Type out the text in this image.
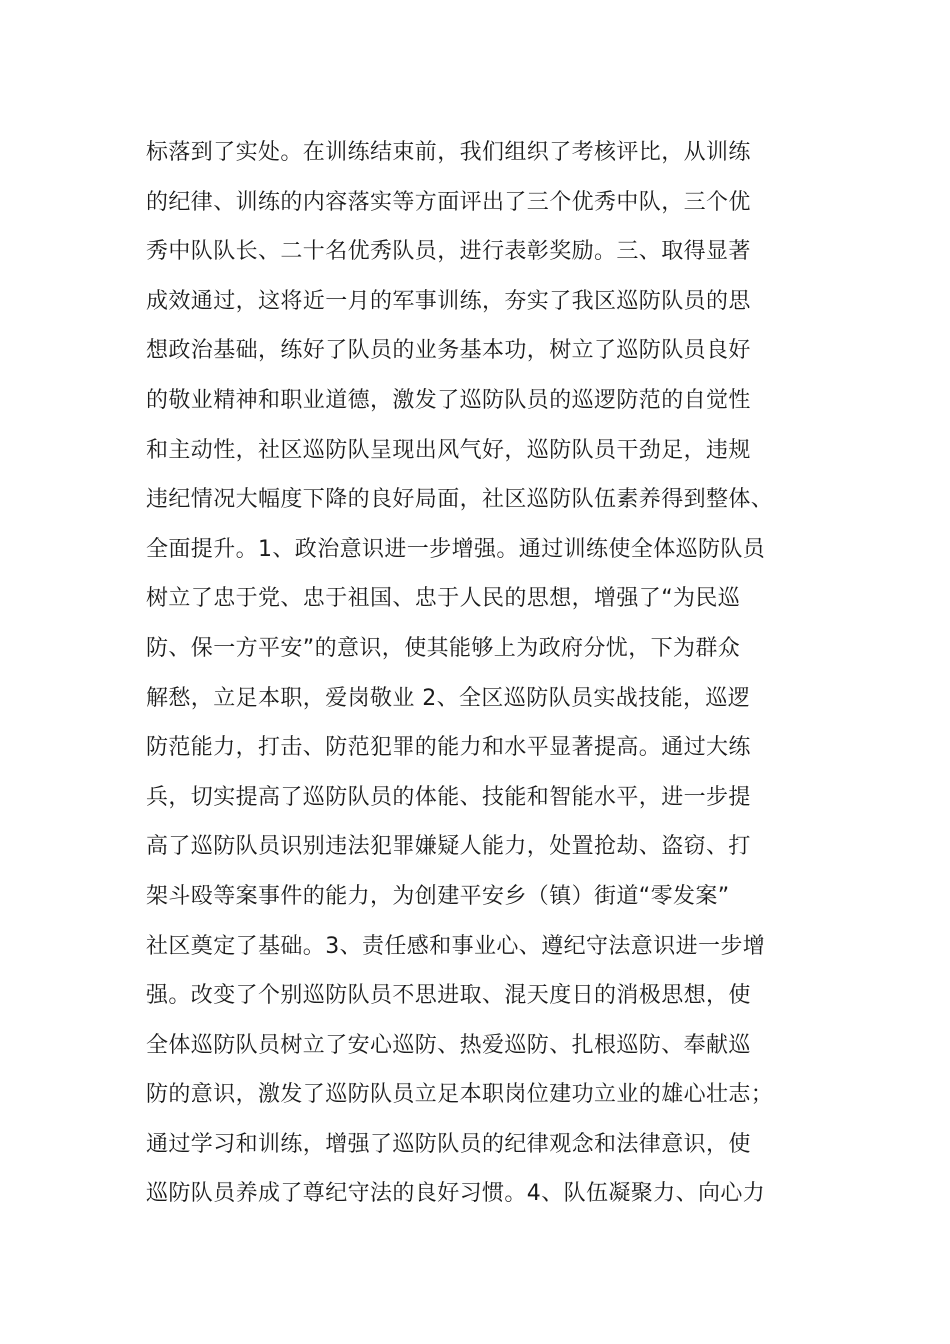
标落到了实处。在训练结束前，我们组织了考核评比，从训练
的纪律、训练的内容落实等方面评出了三个优秀中队，三个优
秀中队队长、二十名优秀队员，进行表彰奖励。三、取得显著
成效通过，这将近一月的军事训练，夯实了我区巡防队员的思
想政治基础，练好了队员的业务基本功，树立了巡防队员良好
的敬业精神和职业道德，激发了巡防队员的巡逻防范的自觉性
和主动性，社区巡防队呈现出风气好，巡防队员干劲足，违规
违纪情况大幅度下降的良好局面，社区巡防队伍素养得到整体、
全面提升。1、政治意识进一步增强。通过训练使全体巡防队员
树立了忠于党、忠于祖国、忠于人民的思想，增强了“为民巡
防、保一方平安”的意识，使其能够上为政府分忧，下为群众
解愁，立足本职，爱岗敬业 2、全区巡防队员实战技能，巡逻
防范能力，打击、防范犯罪的能力和水平显著提高。通过大练
兵，切实提高了巡防队员的体能、技能和智能水平，进一步提
高了巡防队员识别违法犯罪嫌疑人能力，处置抢劫、盗窃、打
架斗殴等案事件的能力，为创建平安乡（镇）街道“零发案”
社区奠定了基础。3、责任感和事业心、遵纪守法意识进一步增
强。改变了个别巡防队员不思进取、混天度日的消极思想，使
全体巡防队员树立了安心巡防、热爱巡防、扎根巡防、奉献巡
防的意识，激发了巡防队员立足本职岗位建功立业的雄心壮志；
通过学习和训练，增强了巡防队员的纪律观念和法律意识，使
巡防队员养成了尊纪守法的良好习惯。4、队伍凝聚力、向心力
